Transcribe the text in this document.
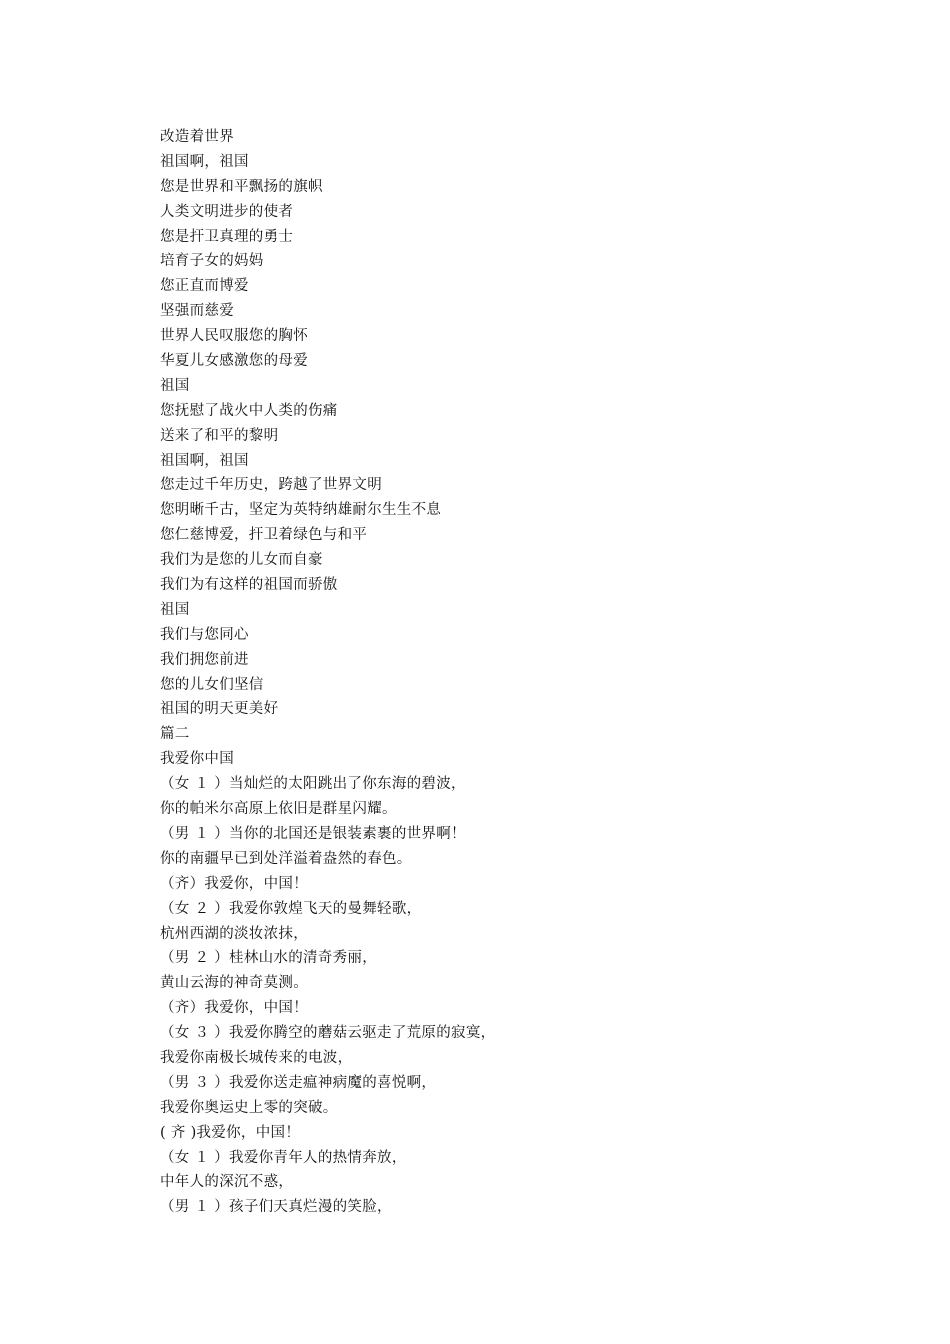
改造着世界
祖国啊，祖国
您是世界和平飘扬的旗帜
人类文明进步的使者
您是扞卫真理的勇士
培育子女的妈妈
您正直而博爱
坚强而慈爱
世界人民叹服您的胸怀
华夏儿女感激您的母爱
祖国
您抚慰了战火中人类的伤痛
送来了和平的黎明
祖国啊，祖国
您走过千年历史，跨越了世界文明
您明晰千古，坚定为英特纳雄耐尔生生不息
您仁慈博爱，扞卫着绿色与和平
我们为是您的儿女而自豪
我们为有这样的祖国而骄傲
祖国
我们与您同心
我们拥您前进
您的儿女们坚信
祖国的明天更美好
篇二
我爱你中国
（女 １ ）当灿烂的太阳跳出了你东海的碧波，
你的帕米尔高原上依旧是群星闪耀。
（男 １ ）当你的北国还是银装素裹的世界啊！
你的南疆早已到处洋溢着盎然的春色。
（齐）我爱你，中国！
（女 ２ ）我爱你敦煌飞天的曼舞轻歌，
杭州西湖的淡妆浓抹，
（男 ２ ）桂林山水的清奇秀丽，
黄山云海的神奇莫测。
（齐）我爱你，中国！
（女 ３ ）我爱你腾空的蘑菇云驱走了荒原的寂寞，
我爱你南极长城传来的电波，
（男 ３ ）我爱你送走瘟神病魔的喜悦啊，
我爱你奥运史上零的突破。
( 齐 )我爱你，中国！
（女 １ ）我爱你青年人的热情奔放，
中年人的深沉不惑，
（男 １ ）孩子们天真烂漫的笑脸，
